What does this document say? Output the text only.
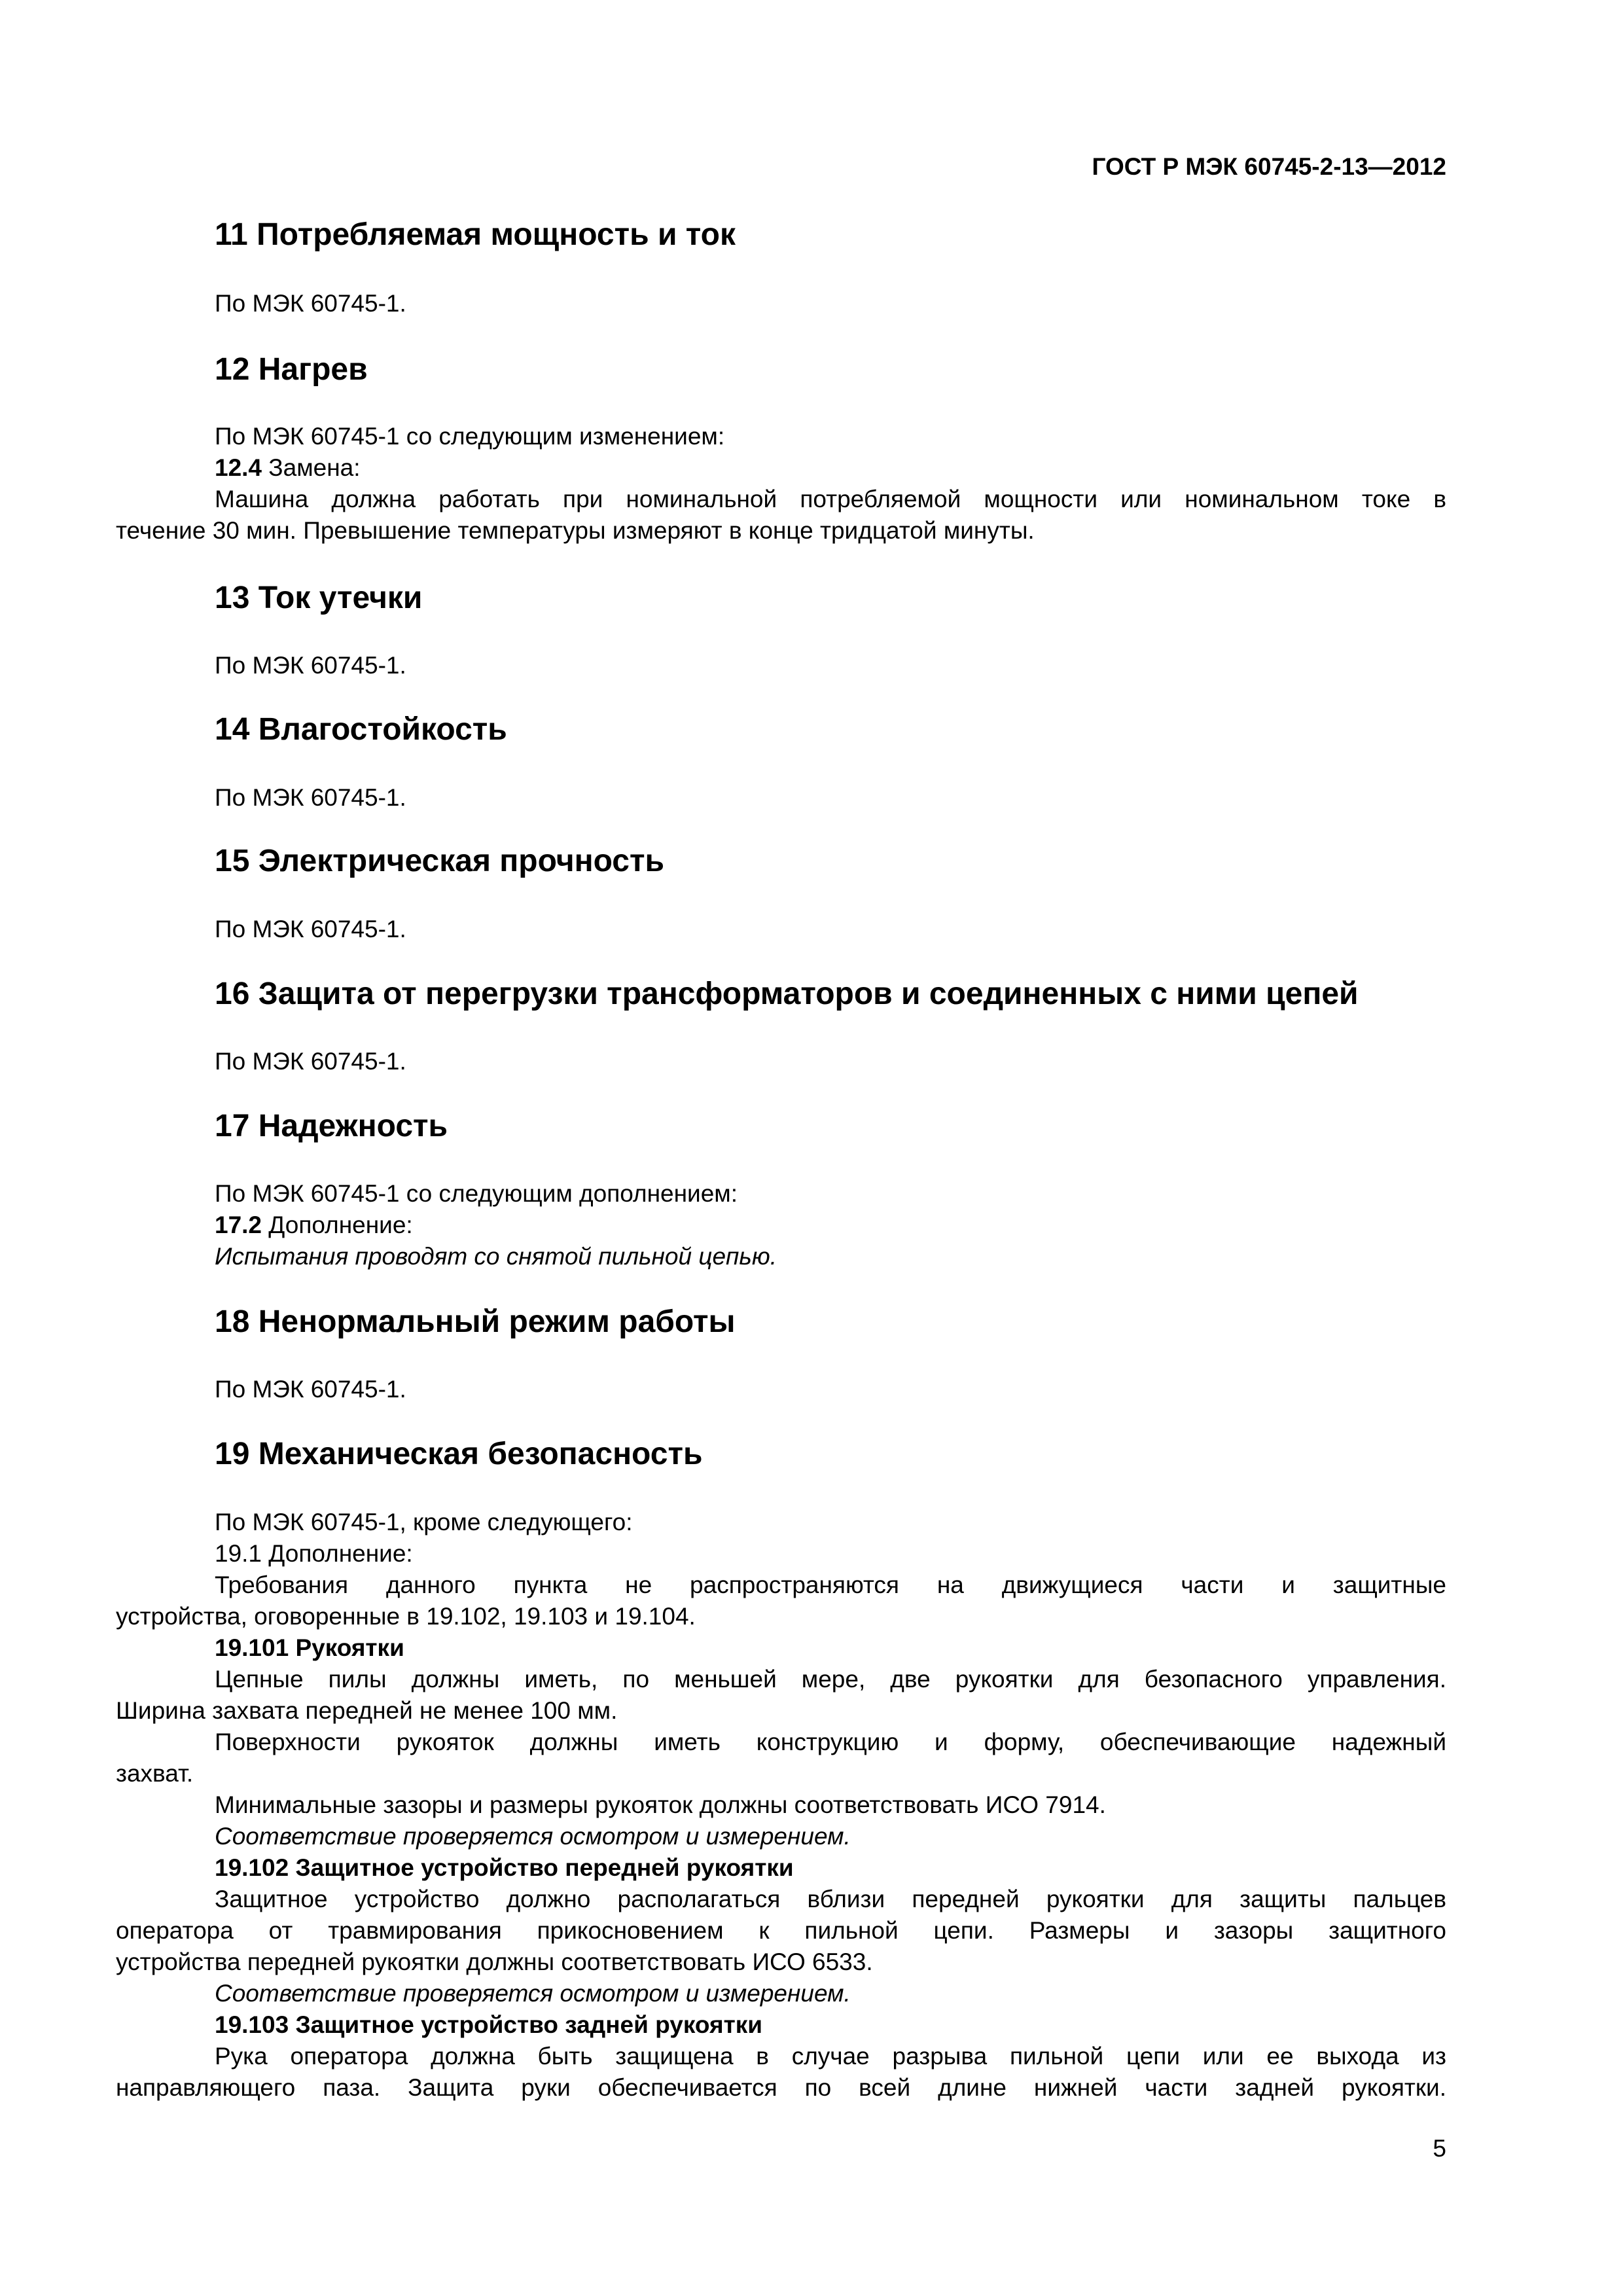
ГОСТ Р МЭК 60745-2-13—2012
11 Потребляемая мощность и ток
По МЭК 60745-1.
12 Нагрев
По МЭК 60745-1 со следующим изменением:
12.4 Замена:
Машина должна работать при номинальной потребляемой мощности или номинальном токе в
течение 30 мин. Превышение температуры измеряют в конце тридцатой минуты.
13 Ток утечки
По МЭК 60745-1.
14 Влагостойкость
По МЭК 60745-1.
15 Электрическая прочность
По МЭК 60745-1.
16 Защита от перегрузки трансформаторов и соединенных с ними цепей
По МЭК 60745-1.
17 Надежность
По МЭК 60745-1 со следующим дополнением:
17.2 Дополнение:
Испытания проводят со снятой пильной цепью.
18 Ненормальный режим работы
По МЭК 60745-1.
19 Механическая безопасность
По МЭК 60745-1, кроме следующего:
19.1 Дополнение:
Требования данного пункта не распространяются на движущиеся части и защитные
устройства, оговоренные в 19.102, 19.103 и 19.104.
19.101 Рукоятки
Цепные пилы должны иметь, по меньшей мере, две рукоятки для безопасного управления.
Ширина захвата передней не менее 100 мм.
Поверхности рукояток должны иметь конструкцию и форму, обеспечивающие надежный
захват.
Минимальные зазоры и размеры рукояток должны соответствовать ИСО 7914.
Соответствие проверяется осмотром и измерением.
19.102 Защитное устройство передней рукоятки
Защитное устройство должно располагаться вблизи передней рукоятки для защиты пальцев
оператора от травмирования прикосновением к пильной цепи. Размеры и зазоры защитного
устройства передней рукоятки должны соответствовать ИСО 6533.
Соответствие проверяется осмотром и измерением.
19.103 Защитное устройство задней рукоятки
Рука оператора должна быть защищена в случае разрыва пильной цепи или ее выхода из
направляющего паза. Защита руки обеспечивается по всей длине нижней части задней рукоятки.
5
